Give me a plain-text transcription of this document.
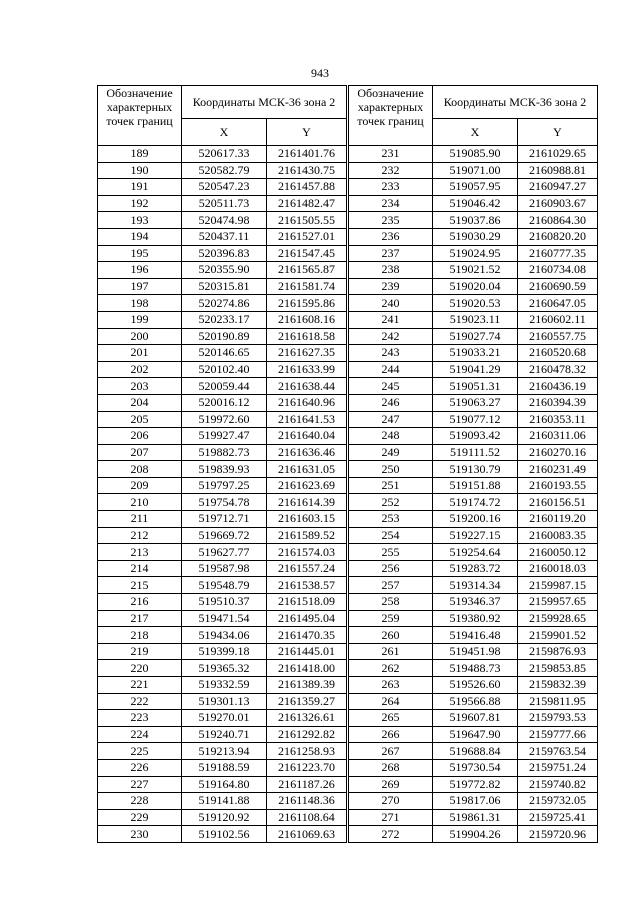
943
Обозначение характерных точек границ	Координаты МСК-36 зона 2	
	X	Y
189	520617.33	2161401.76
190	520582.79	2161430.75
191	520547.23	2161457.88
192	520511.73	2161482.47
193	520474.98	2161505.55
194	520437.11	2161527.01
195	520396.83	2161547.45
196	520355.90	2161565.87
197	520315.81	2161581.74
198	520274.86	2161595.86
199	520233.17	2161608.16
200	520190.89	2161618.58
201	520146.65	2161627.35
202	520102.40	2161633.99
203	520059.44	2161638.44
204	520016.12	2161640.96
205	519972.60	2161641.53
206	519927.47	2161640.04
207	519882.73	2161636.46
208	519839.93	2161631.05
209	519797.25	2161623.69
210	519754.78	2161614.39
211	519712.71	2161603.15
212	519669.72	2161589.52
213	519627.77	2161574.03
214	519587.98	2161557.24
215	519548.79	2161538.57
216	519510.37	2161518.09
217	519471.54	2161495.04
218	519434.06	2161470.35
219	519399.18	2161445.01
220	519365.32	2161418.00
221	519332.59	2161389.39
222	519301.13	2161359.27
223	519270.01	2161326.61
224	519240.71	2161292.82
225	519213.94	2161258.93
226	519188.59	2161223.70
227	519164.80	2161187.26
228	519141.88	2161148.36
229	519120.92	2161108.64
230	519102.56	2161069.63
Обозначение характерных точек границ	Координаты МСК-36 зона 2	
	X	Y
231	519085.90	2161029.65
232	519071.00	2160988.81
233	519057.95	2160947.27
234	519046.42	2160903.67
235	519037.86	2160864.30
236	519030.29	2160820.20
237	519024.95	2160777.35
238	519021.52	2160734.08
239	519020.04	2160690.59
240	519020.53	2160647.05
241	519023.11	2160602.11
242	519027.74	2160557.75
243	519033.21	2160520.68
244	519041.29	2160478.32
245	519051.31	2160436.19
246	519063.27	2160394.39
247	519077.12	2160353.11
248	519093.42	2160311.06
249	519111.52	2160270.16
250	519130.79	2160231.49
251	519151.88	2160193.55
252	519174.72	2160156.51
253	519200.16	2160119.20
254	519227.15	2160083.35
255	519254.64	2160050.12
256	519283.72	2160018.03
257	519314.34	2159987.15
258	519346.37	2159957.65
259	519380.92	2159928.65
260	519416.48	2159901.52
261	519451.98	2159876.93
262	519488.73	2159853.85
263	519526.60	2159832.39
264	519566.88	2159811.95
265	519607.81	2159793.53
266	519647.90	2159777.66
267	519688.84	2159763.54
268	519730.54	2159751.24
269	519772.82	2159740.82
270	519817.06	2159732.05
271	519861.31	2159725.41
272	519904.26	2159720.96
